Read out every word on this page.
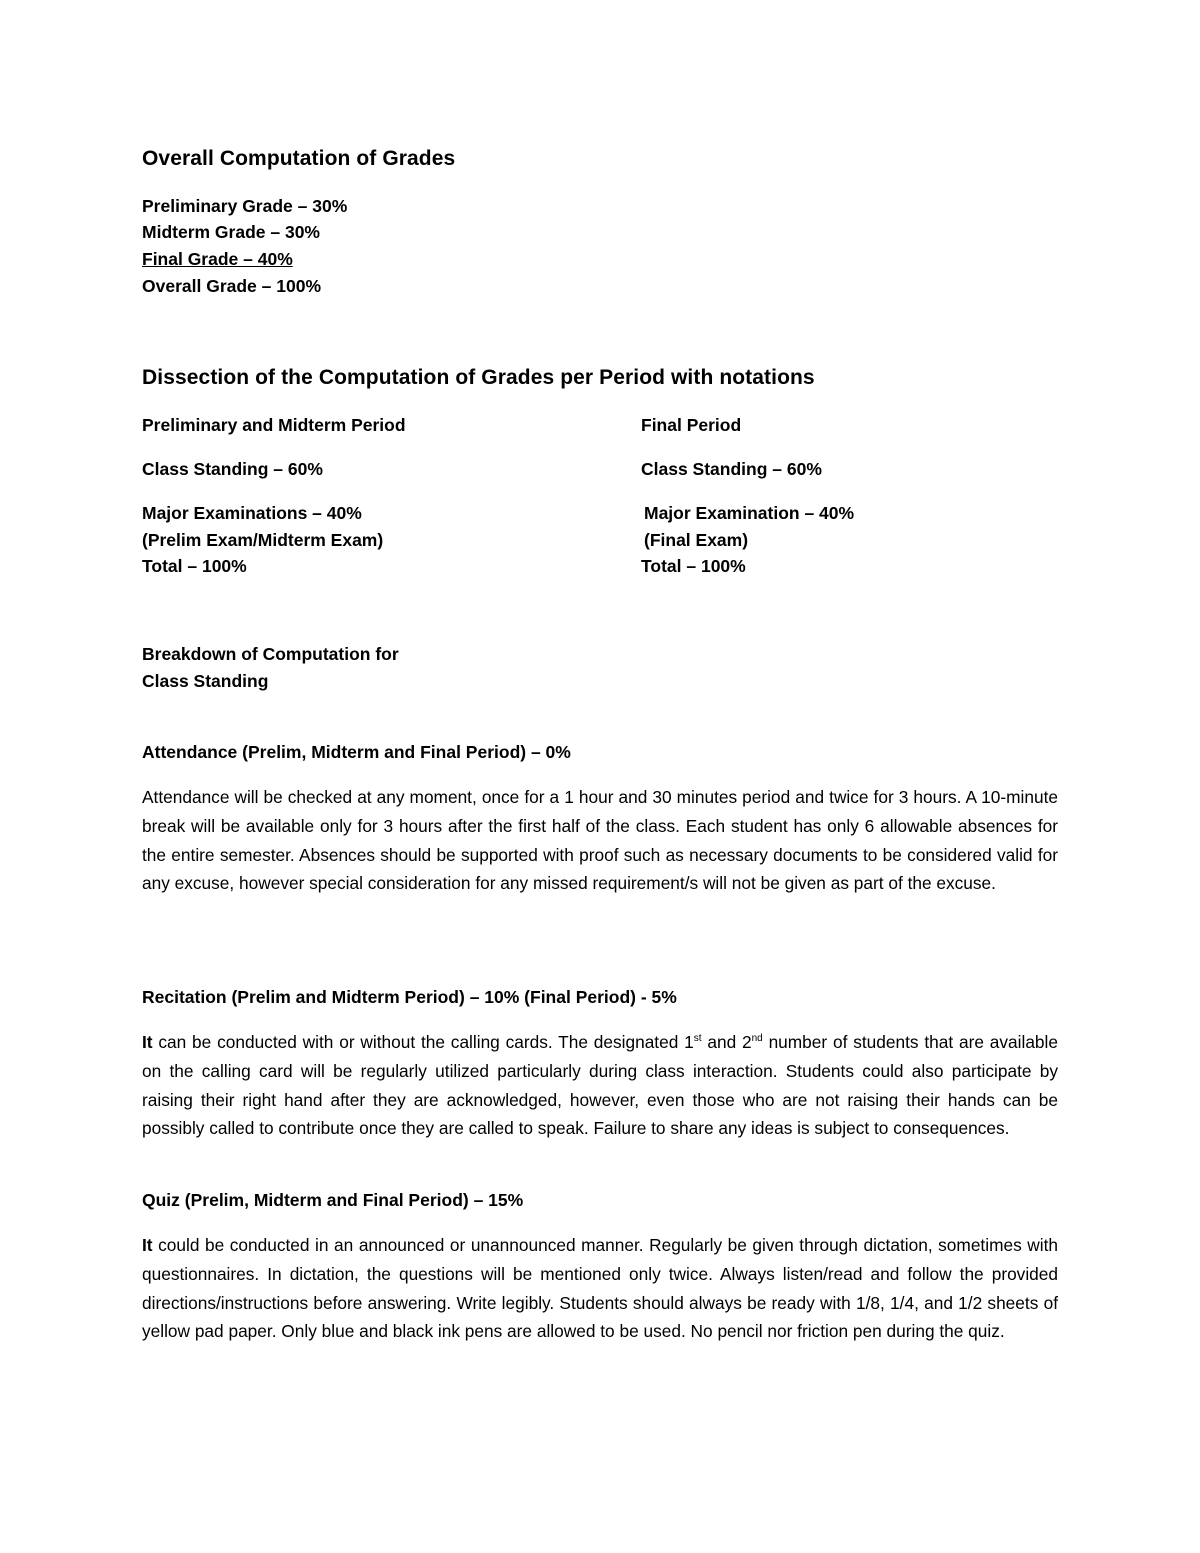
Overall Computation of Grades
Preliminary Grade – 30%
Midterm Grade – 30%
Final Grade – 40%
Overall Grade – 100%
Dissection of the Computation of Grades per Period with notations
Preliminary and Midterm Period	Final Period
Class Standing – 60%	Class Standing – 60%
Major Examinations – 40%	Major Examination – 40%
(Prelim Exam/Midterm Exam)	(Final Exam)
Total – 100%	Total – 100%
Breakdown of Computation for
Class Standing
Attendance (Prelim, Midterm and Final Period) – 0%
Attendance will be checked at any moment, once for a 1 hour and 30 minutes period and twice for 3 hours. A 10-minute break will be available only for 3 hours after the first half of the class. Each student has only 6 allowable absences for the entire semester. Absences should be supported with proof such as necessary documents to be considered valid for any excuse, however special consideration for any missed requirement/s will not be given as part of the excuse.
Recitation (Prelim and Midterm Period) – 10% (Final Period) - 5%
It can be conducted with or without the calling cards. The designated 1st and 2nd number of students that are available on the calling card will be regularly utilized particularly during class interaction. Students could also participate by raising their right hand after they are acknowledged, however, even those who are not raising their hands can be possibly called to contribute once they are called to speak. Failure to share any ideas is subject to consequences.
Quiz (Prelim, Midterm and Final Period) – 15%
It could be conducted in an announced or unannounced manner. Regularly be given through dictation, sometimes with questionnaires. In dictation, the questions will be mentioned only twice. Always listen/read and follow the provided directions/instructions before answering. Write legibly. Students should always be ready with 1/8, 1/4, and 1/2 sheets of yellow pad paper. Only blue and black ink pens are allowed to be used. No pencil nor friction pen during the quiz.
